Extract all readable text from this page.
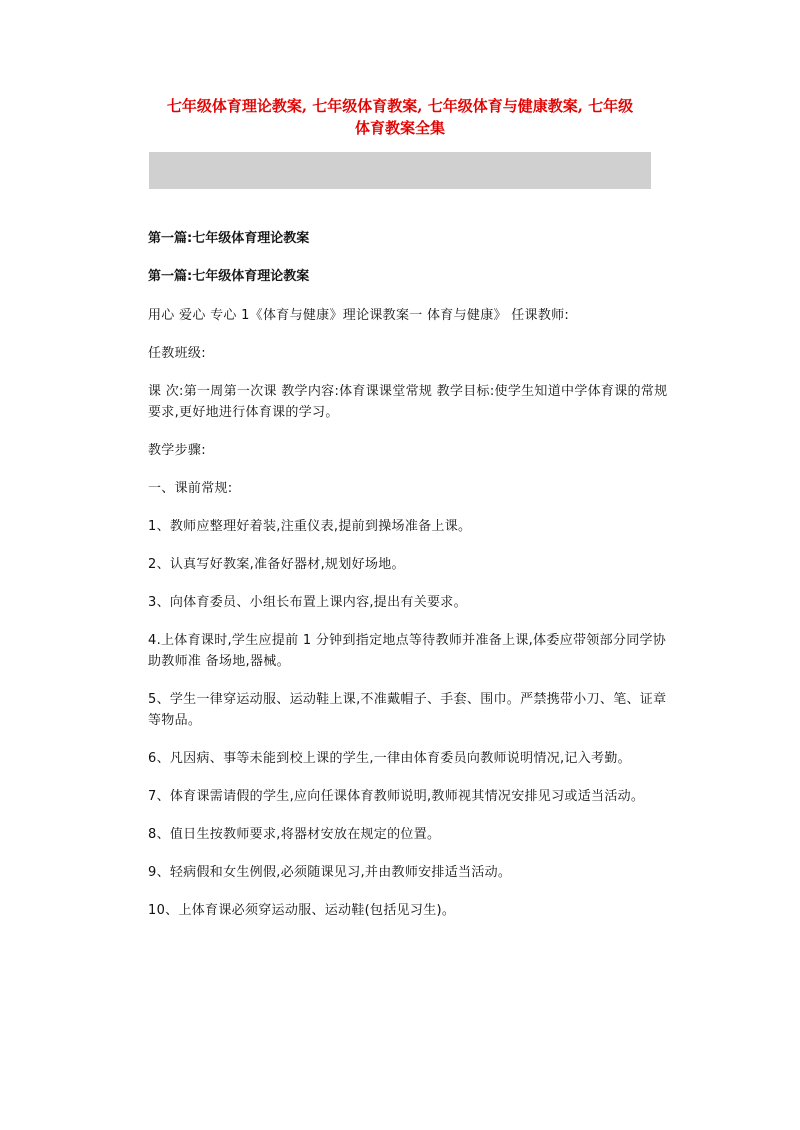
七年级体育理论教案, 七年级体育教案, 七年级体育与健康教案, 七年级
体育教案全集

第一篇:七年级体育理论教案

第一篇:七年级体育理论教案

用心 爱心 专心 1《体育与健康》理论课教案一 体育与健康》 任课教师:

任教班级:

课 次:第一周第一次课 教学内容:体育课课堂常规 教学目标:使学生知道中学体育课的常规要求,更好地进行体育课的学习。

教学步骤:

一、课前常规:

1、教师应整理好着装,注重仪表,提前到操场准备上课。

2、认真写好教案,准备好器材,规划好场地。

3、向体育委员、小组长布置上课内容,提出有关要求。

4.上体育课时,学生应提前 1 分钟到指定地点等待教师并准备上课,体委应带领部分同学协助教师准 备场地,器械。

5、学生一律穿运动服、运动鞋上课,不准戴帽子、手套、围巾。严禁携带小刀、笔、证章等物品。

6、凡因病、事等未能到校上课的学生,一律由体育委员向教师说明情况,记入考勤。

7、体育课需请假的学生,应向任课体育教师说明,教师视其情况安排见习或适当活动。

8、值日生按教师要求,将器材安放在规定的位置。

9、轻病假和女生例假,必须随课见习,并由教师安排适当活动。

10、上体育课必须穿运动服、运动鞋(包括见习生)。
